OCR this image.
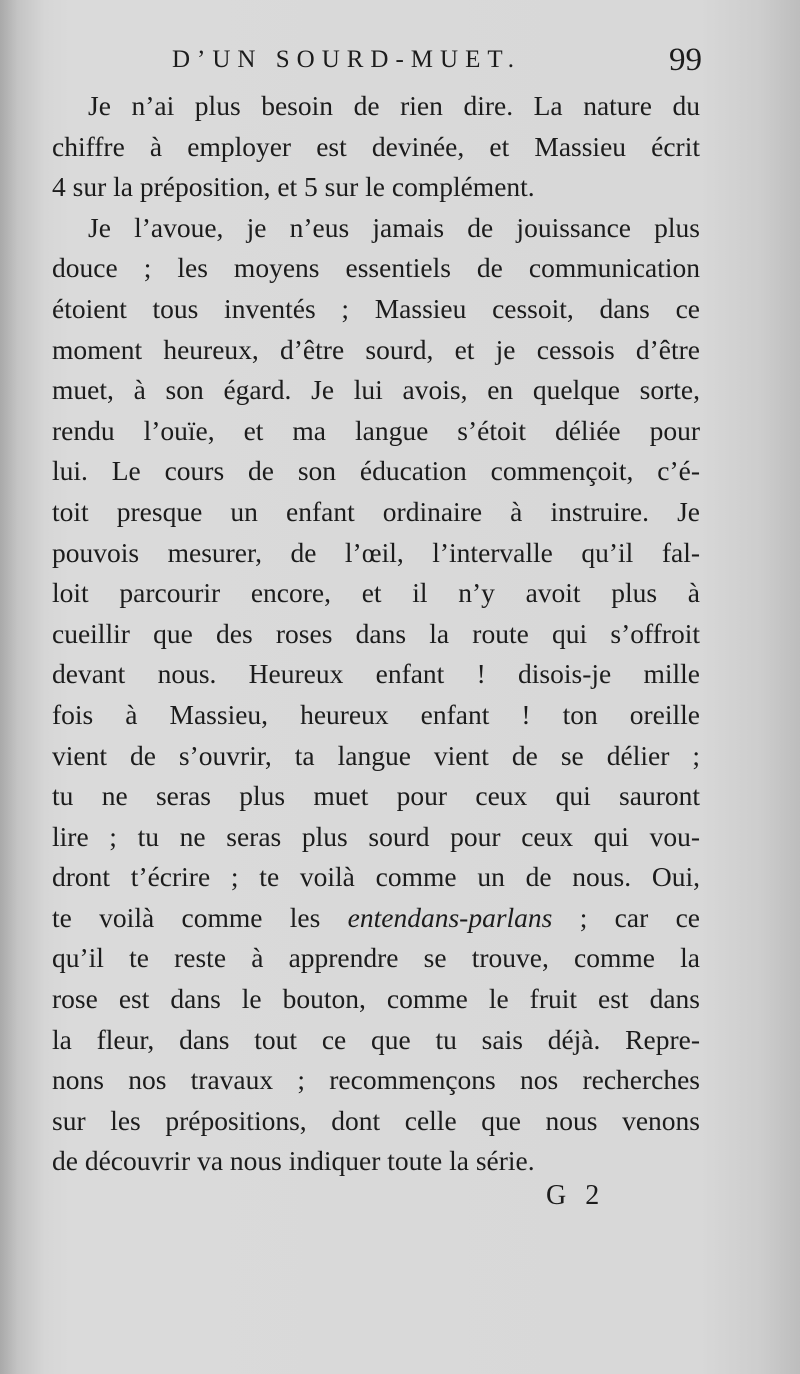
D’UN SOURD-MUET.	99
Je n’ai plus besoin de rien dire. La nature du
chiffre à employer est devinée, et Massieu écrit
4 sur la préposition, et 5 sur le complément.
Je l’avoue, je n’eus jamais de jouissance plus
douce ; les moyens essentiels de communication
étoient tous inventés ; Massieu cessoit, dans ce
moment heureux, d’être sourd, et je cessois d’être
muet, à son égard. Je lui avois, en quelque sorte,
rendu l’ouïe, et ma langue s’étoit déliée pour
lui. Le cours de son éducation commençoit, c’é-
toit presque un enfant ordinaire à instruire. Je
pouvois mesurer, de l’œil, l’intervalle qu’il fal-
loit parcourir encore, et il n’y avoit plus à
cueillir que des roses dans la route qui s’offroit
devant nous. Heureux enfant ! disois-je mille
fois à Massieu, heureux enfant ! ton oreille
vient de s’ouvrir, ta langue vient de se délier ;
tu ne seras plus muet pour ceux qui sauront
lire ; tu ne seras plus sourd pour ceux qui vou-
dront t’écrire ; te voilà comme un de nous. Oui,
te voilà comme les entendans-parlans ; car ce
qu’il te reste à apprendre se trouve, comme la
rose est dans le bouton, comme le fruit est dans
la fleur, dans tout ce que tu sais déjà. Repre-
nons nos travaux ; recommençons nos recherches
sur les prépositions, dont celle que nous venons
de découvrir va nous indiquer toute la série.
G 2
